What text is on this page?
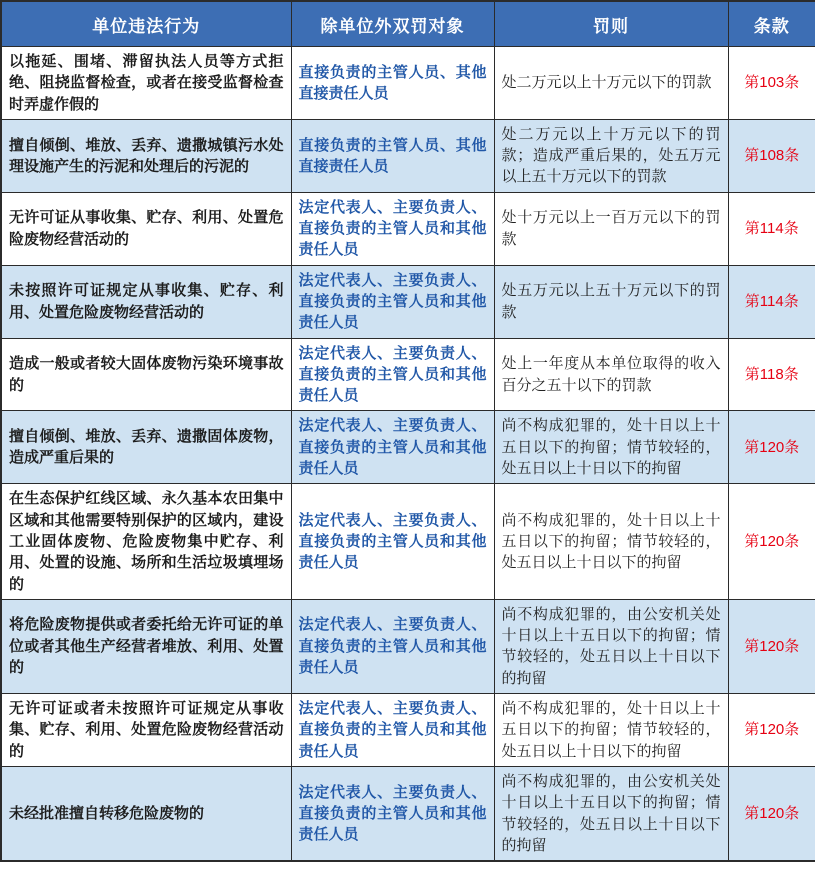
单位违法行为	除单位外双罚对象	罚则	条款
以拖延、围堵、滞留执法人员等方式拒绝、阻挠监督检查，或者在接受监督检查时弄虚作假的	直接负责的主管人员、其他直接责任人员	处二万元以上十万元以下的罚款	第103条
擅自倾倒、堆放、丢弃、遗撒城镇污水处理设施产生的污泥和处理后的污泥的	直接负责的主管人员、其他直接责任人员	处二万元以上十万元以下的罚款；造成严重后果的，处五万元以上五十万元以下的罚款	第108条
无许可证从事收集、贮存、利用、处置危险废物经营活动的	法定代表人、主要负责人、直接负责的主管人员和其他责任人员	处十万元以上一百万元以下的罚款	第114条
未按照许可证规定从事收集、贮存、利用、处置危险废物经营活动的	法定代表人、主要负责人、直接负责的主管人员和其他责任人员	处五万元以上五十万元以下的罚款	第114条
造成一般或者较大固体废物污染环境事故的	法定代表人、主要负责人、直接负责的主管人员和其他责任人员	处上一年度从本单位取得的收入百分之五十以下的罚款	第118条
擅自倾倒、堆放、丢弃、遗撒固体废物，造成严重后果的	法定代表人、主要负责人、直接负责的主管人员和其他责任人员	尚不构成犯罪的，处十日以上十五日以下的拘留；情节较轻的，处五日以上十日以下的拘留	第120条
在生态保护红线区域、永久基本农田集中区域和其他需要特别保护的区域内，建设工业固体废物、危险废物集中贮存、利用、处置的设施、场所和生活垃圾填埋场的	法定代表人、主要负责人、直接负责的主管人员和其他责任人员	尚不构成犯罪的，处十日以上十五日以下的拘留；情节较轻的，处五日以上十日以下的拘留	第120条
将危险废物提供或者委托给无许可证的单位或者其他生产经营者堆放、利用、处置的	法定代表人、主要负责人、直接负责的主管人员和其他责任人员	尚不构成犯罪的，由公安机关处十日以上十五日以下的拘留；情节较轻的，处五日以上十日以下的拘留	第120条
无许可证或者未按照许可证规定从事收集、贮存、利用、处置危险废物经营活动的	法定代表人、主要负责人、直接负责的主管人员和其他责任人员	尚不构成犯罪的，处十日以上十五日以下的拘留；情节较轻的，处五日以上十日以下的拘留	第120条
未经批准擅自转移危险废物的	法定代表人、主要负责人、直接负责的主管人员和其他责任人员	尚不构成犯罪的，由公安机关处十日以上十五日以下的拘留；情节较轻的，处五日以上十日以下的拘留	第120条
